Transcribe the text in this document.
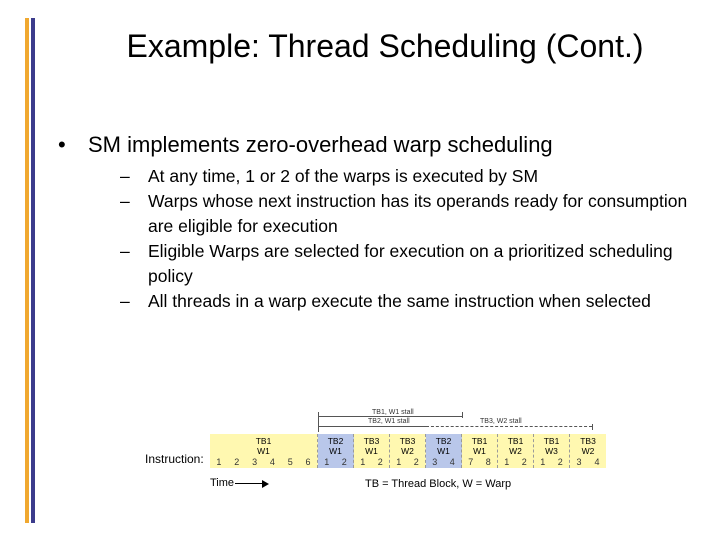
Example: Thread Scheduling (Cont.)
• SM implements zero-overhead warp scheduling
– At any time, 1 or 2 of the warps is executed by SM
– Warps whose next instruction has its operands ready for consumption are eligible for execution
– Eligible Warps are selected for execution on a prioritized scheduling policy
– All threads in a warp execute the same instruction when selected
TB1, W1 stall
TB2, W1 stall	TB3, W2 stall
Instruction:
TB1
W1
1 2 3 4 5 6
TB2
W1
1 2
TB3
W1
1 2
TB3
W2
1 2
TB2
W1
3 4
TB1
W1
7 8
TB1
W2
1 2
TB1
W3
1 2
TB3
W2
3 4
Time	TB = Thread Block, W = Warp
